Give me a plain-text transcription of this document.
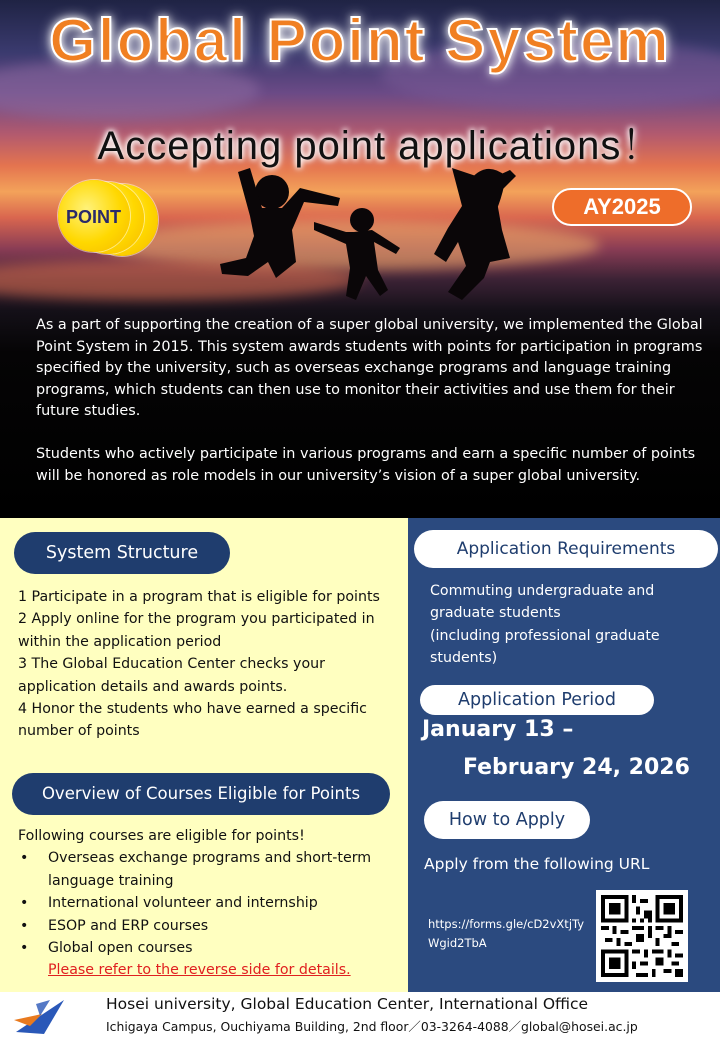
Global Point System
Accepting point applications！
POINT	AY2025

As a part of supporting the creation of a super global university, we implemented the Global Point System in 2015. This system awards students with points for participation in programs specified by the university, such as overseas exchange programs and language training programs, which students can then use to monitor their activities and use them for their future studies.

Students who actively participate in various programs and earn a specific number of points will be honored as role models in our university’s vision of a super global university.

System Structure
1 Participate in a program that is eligible for points
2 Apply online for the program you participated in within the application period
3 The Global Education Center checks your application details and awards points.
4 Honor the students who have earned a specific number of points
Overview of Courses Eligible for Points
Following courses are eligible for points!
• Overseas exchange programs and short-term language training
• International volunteer and internship
• ESOP and ERP courses
• Global open courses
Please refer to the reverse side for details.
Application Requirements
Commuting undergraduate and graduate students
(including professional graduate students)
Application Period
January 13 –
February 24, 2026
How to Apply
Apply from the following URL
https://forms.gle/cD2vXtjTyWgid2TbA
Hosei university, Global Education Center, International Office
Ichigaya Campus, Ouchiyama Building, 2nd floor／03-3264-4088／global@hosei.ac.jp
